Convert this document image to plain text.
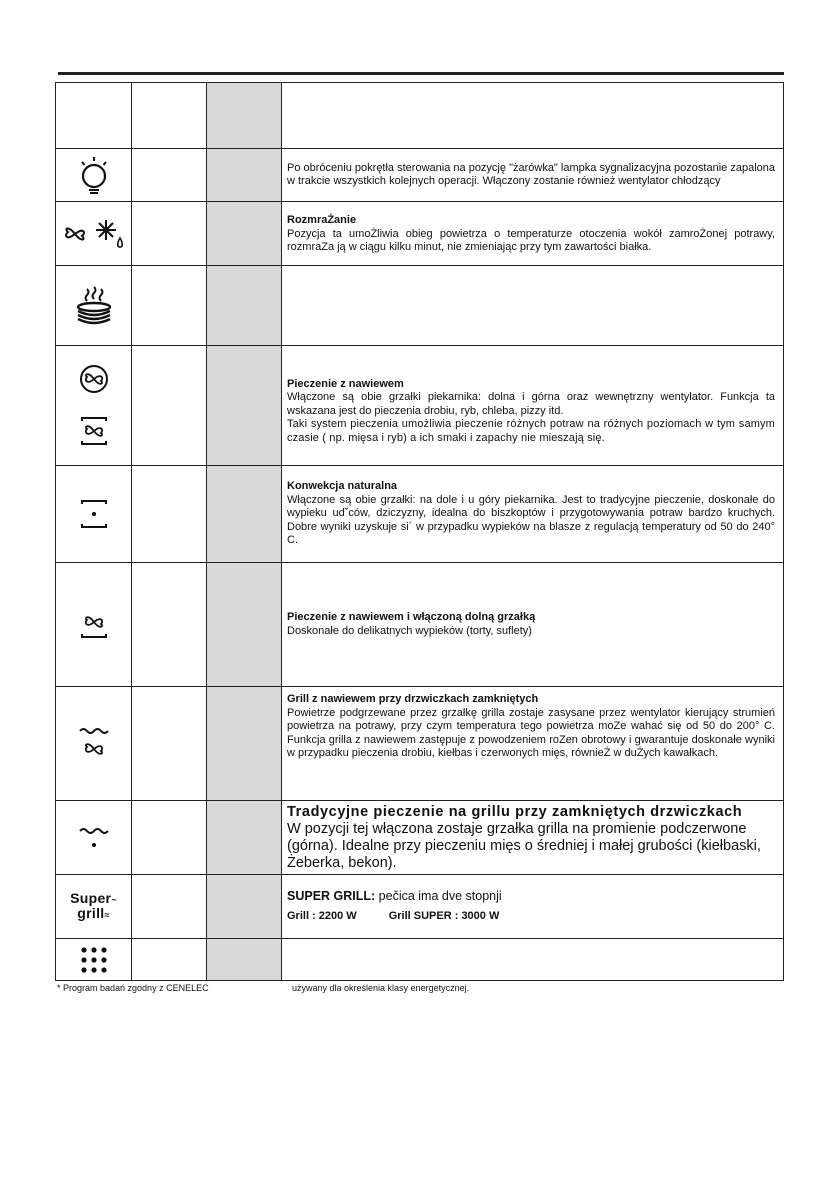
Po obróceniu pokrętła sterowania na pozycję "żarówka" lampka sygnalizacyjna pozostanie zapalona w trakcie wszystkich kolejnych operacji. Włączony zostanie również wentylator chłodzący
RozmraŻanie
Pozycja ta umoŻliwia obieg powietrza o temperaturze otoczenia wokół zamroŻonej potrawy, rozmraZa ją w ciągu kilku minut, nie zmieniając przy tym zawartości białka.
Pieczenie z nawiewem
Włączone są obie grzałki piekarnika: dolna i górna oraz wewnętrzny wentylator. Funkcja ta wskazana jest do pieczenia drobiu, ryb, chleba, pizzy itd.
Taki system pieczenia umożliwia pieczenie różnych potraw na różnych poziomach w tym samym czasie ( np. mięsa i ryb) a ich smaki i zapachy nie mieszają się.
Konwekcja naturalna
Włączone są obie grzałki: na dole i u góry piekarnika. Jest to tradycyjne pieczenie, doskonałe do wypieku ud˘ców, dziczyzny, idealna do biszkoptów i przygotowywania potraw bardzo kruchych. Dobre wyniki uzyskuje si´ w przypadku wypieków na blasze z regulacją temperatury od 50 do 240° C.
Pieczenie z nawiewem i włączoną dolną grzałką
Doskonałe do delikatnych wypieków (torty, suflety)
Grill z nawiewem przy drzwiczkach zamkniętych
Powietrze podgrzewane przez grzałkę grilla zostaje zasysane przez wentylator kierujący strumień powietrza na potrawy, przy czym temperatura tego powietrza moZe wahać się od 50 do 200° C. Funkcja grilla z nawiewem zastępuje z powodzeniem roZen obrotowy i gwarantuje doskonałe wyniki w przypadku pieczenia drobiu, kiełbas i czerwonych mięs, równieŻ w duŻych kawałkach.
Tradycyjne pieczenie na grillu przy zamkniętych drzwiczkach
W pozycji tej włączona zostaje grzałka grilla na promienie podczerwone (górna). Idealne przy pieczeniu mięs o średniej i małej grubości (kiełbaski, Żeberka, bekon).
Super~
grill≈
SUPER GRILL: pečica ima dve stopnji
Grill : 2200 W	Grill SUPER : 3000 W
* Program badań zgodny z CENELEC	używany dla określenia klasy energetycznej.
